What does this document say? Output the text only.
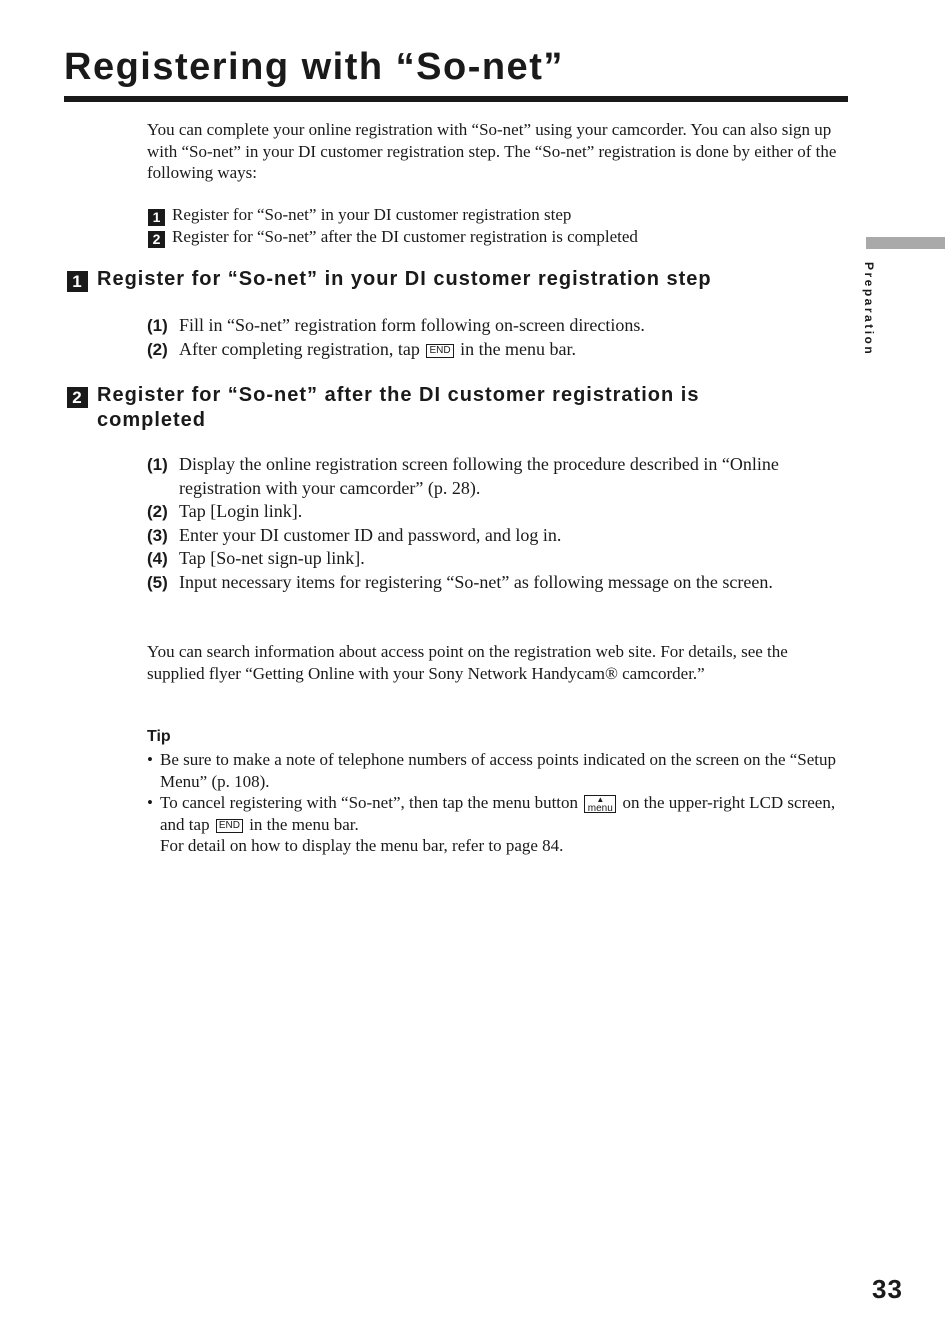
Registering with “So-net”
Preparation

You can complete your online registration with “So-net” using your camcorder. You can also sign up with “So-net” in your DI customer registration step. The “So-net” registration is done by either of the following ways:

1 Register for “So-net” in your DI customer registration step
2 Register for “So-net” after the DI customer registration is completed
1 Register for “So-net” in your DI customer registration step
(1) Fill in “So-net” registration form following on-screen directions.
(2) After completing registration, tap END in the menu bar.
2 Register for “So-net” after the DI customer registration is
completed
(1) Display the online registration screen following the procedure described in “Online registration with your camcorder” (p. 28).
(2) Tap [Login link].
(3) Enter your DI customer ID and password, and log in.
(4) Tap [So-net sign-up link].
(5) Input necessary items for registering “So-net” as following message on the screen.

You can search information about access point on the registration web site. For details, see the supplied flyer “Getting Online with your Sony Network Handycam® camcorder.”

Tip
• Be sure to make a note of telephone numbers of access points indicated on the screen on the “Setup Menu” (p. 108).
• To cancel registering with “So-net”, then tap the menu button	▲
menu on the upper-right LCD screen, and tap END in the menu bar.
For detail on how to display the menu bar, refer to page 84.
33
